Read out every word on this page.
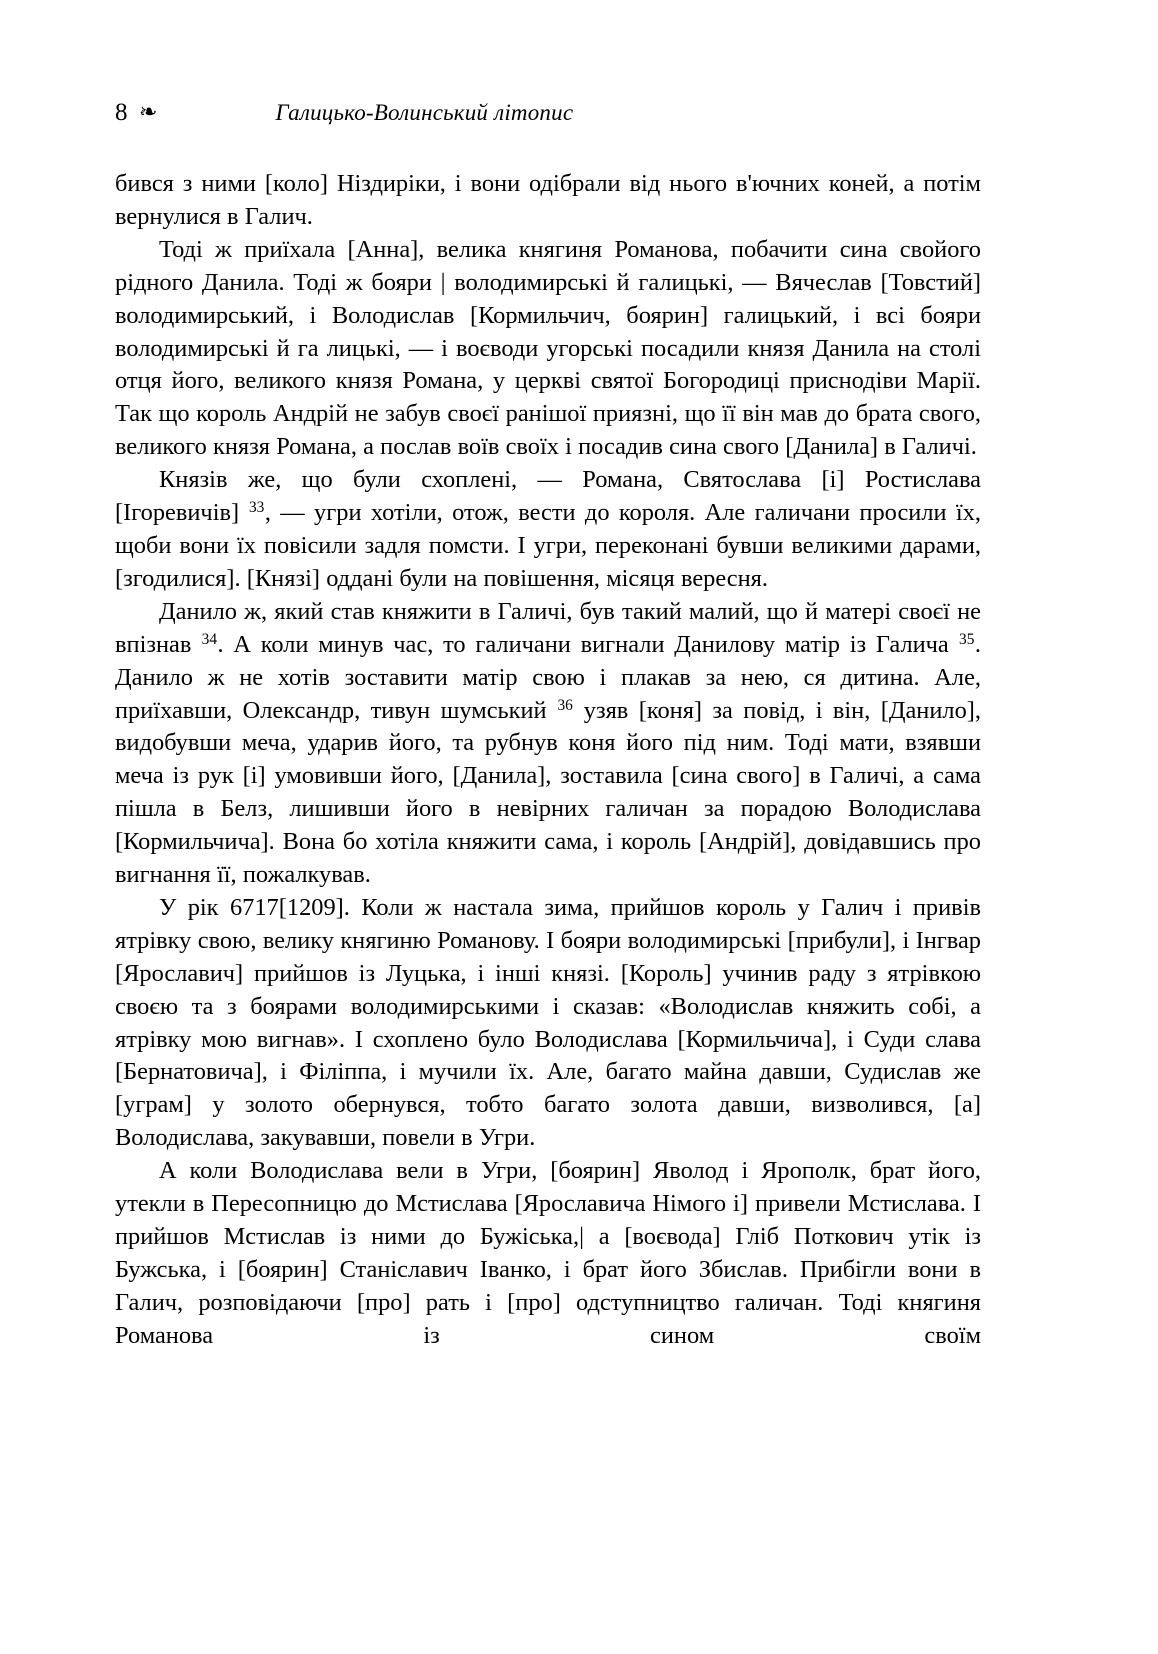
8 ❧	Галицько-Волинський літопис

бився з ними [коло] Ніздиріки, і вони одібрали від нього в'ючних коней, а потім вернулися в Галич.

Тоді ж приїхала [Анна], велика княгиня Романова, побачити сина свойого рідного Данила. Тоді ж бояри | володимирські й галицькі, — Вячеслав [Товстий] володимирський, і Володислав [Кормильчич, боярин] галицький, і всі бояри володимирські й га лицькі, — і воєводи угорські посадили князя Данила на столі отця його, великого князя Романа, у церкві святої Богородиці приснодіви Марії. Так що король Андрій не забув своєї ранішої приязні, що її він мав до брата свого, великого князя Романа, а послав воїв своїх і посадив сина свого [Данила] в Галичі.

Князів же, що були схоплені, — Романа, Святослава [і] Ростислава [Ігоревичів] $^{33}$, — угри хотіли, отож, вести до короля. Але галичани просили їх, щоби вони їх повісили задля помсти. І угри, переконані бувши великими дарами, [згодилися]. [Князі] оддані були на повішення, місяця вересня.

Данило ж, який став княжити в Галичі, був такий малий, що й матері своєї не впізнав $^{34}$. А коли минув час, то галичани вигнали Данилову матір із Галича $^{35}$. Данило ж не хотів зоставити матір свою і плакав за нею, ся дитина. Але, приїхавши, Олександр, тивун шумський $^{36}$ узяв [коня] за повід, і він, [Данило], видобувши меча, ударив його, та рубнув коня його під ним. Тоді мати, взявши меча із рук [і] умовивши його, [Данила], зоставила [сина свого] в Галичі, а сама пішла в Белз, лишивши його в невірних галичан за порадою Володислава [Кормильчича]. Вона бо хотіла княжити сама, і король [Андрій], довідавшись про вигнання її, пожалкував.

У рік 6717[1209]. Коли ж настала зима, прийшов король у Галич і привів ятрівку свою, велику княгиню Романову. І бояри володимирські [прибули], і Інгвар [Ярославич] прийшов із Луцька, і інші князі. [Король] учинив раду з ятрівкою своєю та з боярами володимирськими і сказав: «Володислав княжить собі, а ятрівку мою вигнав». І схоплено було Володислава [Кормильчича], і Суди слава [Бернатовича], і Філіппа, і мучили їх. Але, багато майна давши, Судислав же [уграм] у золото обернувся, тобто багато золота давши, визволився, [а] Володислава, закувавши, повели в Угри.

А коли Володислава вели в Угри, [боярин] Яволод і Ярополк, брат його, утекли в Пересопницю до Мстислава [Ярославича Німого і] привели Мстислава. І прийшов Мстислав із ними до Бужіська,| а [воєвода] Гліб Поткович утік із Бужська, і [боярин] Станіславич Іванко, і брат його Збислав. Прибігли вони в Галич, розповідаючи [про] рать і [про] одступництво галичан. Тоді княгиня Романова із сином своїм
